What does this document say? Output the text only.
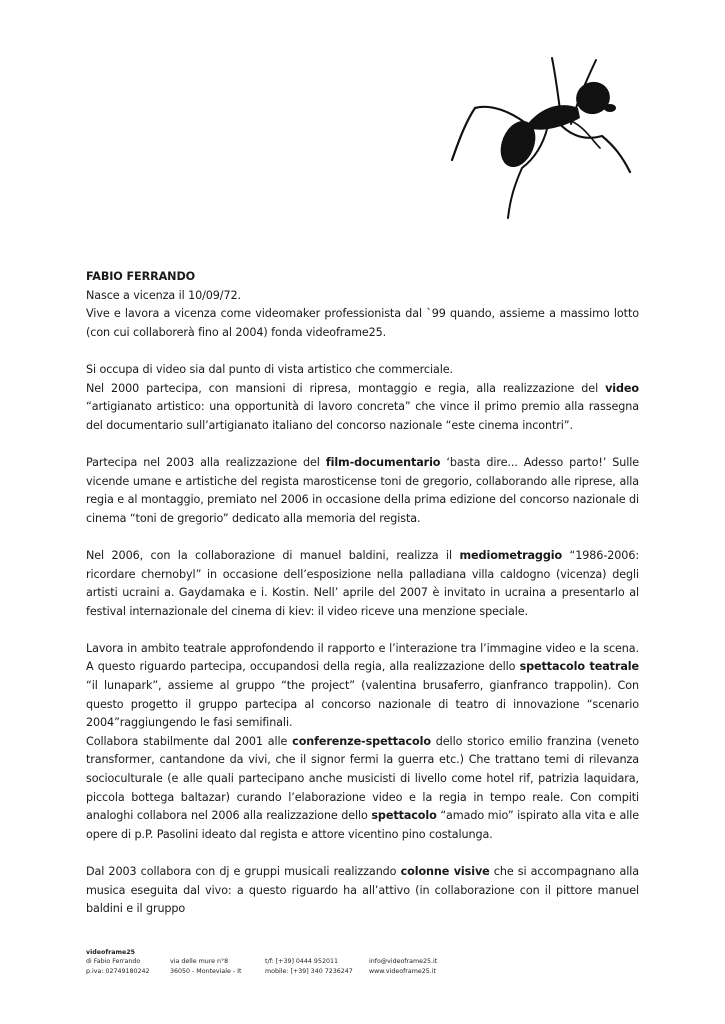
FABIO FERRANDO
Nasce a vicenza il 10/09/72.
Vive e lavora a vicenza come videomaker professionista dal `99 quando, assieme a massimo lotto (con cui collaborerà fino al 2004) fonda videoframe25.

Si occupa di video sia dal punto di vista artistico che commerciale.
Nel 2000 partecipa, con mansioni di ripresa, montaggio e regia, alla realizzazione del video “artigianato artistico: una opportunità di lavoro concreta” che vince il primo premio alla rassegna del documentario sull’artigianato italiano del concorso nazionale “este cinema incontri”.

Partecipa nel 2003 alla realizzazione del film-documentario ‘basta dire... Adesso parto!’ Sulle vicende umane e artistiche del regista marosticense toni de gregorio, collaborando alle riprese, alla regia e al montaggio, premiato nel 2006 in occasione della prima edizione del concorso nazionale di cinema “toni de gregorio” dedicato alla memoria del regista.

Nel 2006, con la collaborazione di manuel baldini, realizza il mediometraggio “1986-2006: ricordare chernobyl” in occasione dell’esposizione nella palladiana villa caldogno (vicenza) degli artisti ucraini a. Gaydamaka e i. Kostin. Nell’ aprile del 2007 è invitato in ucraina a presentarlo al festival internazionale del cinema di kiev: il video riceve una menzione speciale.

Lavora in ambito teatrale approfondendo il rapporto e l’interazione tra l’immagine video e la scena. A questo riguardo partecipa, occupandosi della regia, alla realizzazione dello spettacolo teatrale “il lunapark”, assieme al gruppo “the project” (valentina brusaferro, gianfranco trappolin). Con questo progetto il gruppo partecipa al concorso nazionale di teatro di innovazione “scenario 2004”raggiungendo le fasi semifinali.
Collabora stabilmente dal 2001 alle conferenze-spettacolo dello storico emilio franzina (veneto transformer, cantandone da vivi, che il signor fermi la guerra etc.) Che trattano temi di rilevanza socioculturale (e alle quali partecipano anche musicisti di livello come hotel rif, patrizia laquidara, piccola bottega baltazar) curando l’elaborazione video e la regia in tempo reale. Con compiti analoghi collabora nel 2006 alla realizzazione dello spettacolo “amado mio” ispirato alla vita e alle opere di p.P. Pasolini ideato dal regista e attore vicentino pino costalunga.

Dal 2003 collabora con dj e gruppi musicali realizzando colonne visive che si accompagnano alla musica eseguita dal vivo: a questo riguardo ha all’attivo (in collaborazione con il pittore manuel baldini e il gruppo

videoframe25
di Fabio Ferrando
p.iva: 02749180242
via delle mure n°8
36050 - Monteviale - It
t/f: [+39] 0444 952011
mobile: [+39] 340 7236247
info@videoframe25.it
www.videoframe25.it
